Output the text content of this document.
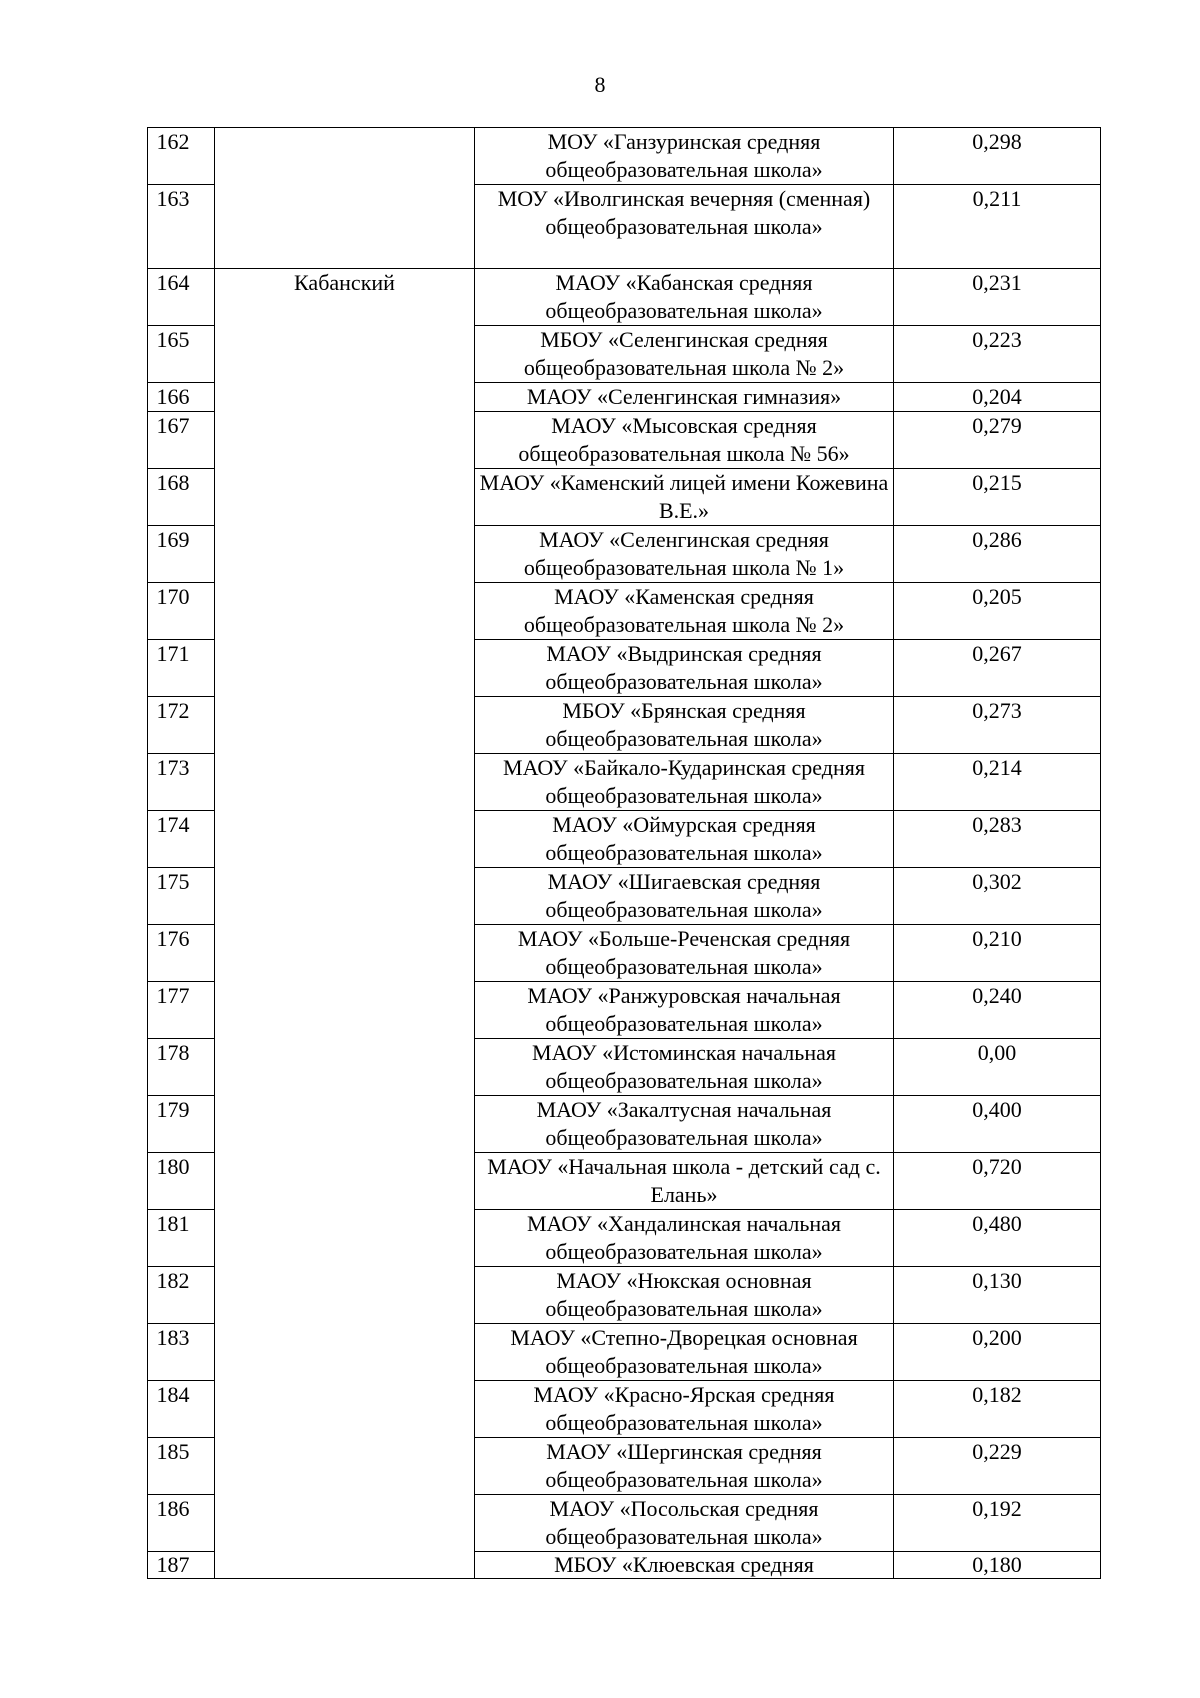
8
162		МОУ «Ганзуринская средняя общеобразовательная школа»	0,298
163		МОУ «Иволгинская вечерняя (сменная) общеобразовательная школа»	0,211
164	Кабанский	МАОУ «Кабанская средняя общеобразовательная школа»	0,231
165		МБОУ «Селенгинская средняя общеобразовательная школа № 2»	0,223
166		МАОУ «Селенгинская гимназия»	0,204
167		МАОУ «Мысовская средняя общеобразовательная школа № 56»	0,279
168		МАОУ «Каменский лицей имени Кожевина В.Е.»	0,215
169		МАОУ «Селенгинская средняя общеобразовательная школа № 1»	0,286
170		МАОУ «Каменская средняя общеобразовательная школа № 2»	0,205
171		МАОУ «Выдринская средняя общеобразовательная школа»	0,267
172		МБОУ «Брянская средняя общеобразовательная школа»	0,273
173		МАОУ «Байкало-Кударинская средняя общеобразовательная школа»	0,214
174		МАОУ «Оймурская средняя общеобразовательная школа»	0,283
175		МАОУ «Шигаевская средняя общеобразовательная школа»	0,302
176		МАОУ «Больше-Реченская средняя общеобразовательная школа»	0,210
177		МАОУ «Ранжуровская начальная общеобразовательная школа»	0,240
178		МАОУ «Истоминская начальная общеобразовательная школа»	0,00
179		МАОУ «Закалтусная начальная общеобразовательная школа»	0,400
180		МАОУ «Начальная школа - детский сад с. Елань»	0,720
181		МАОУ «Хандалинская начальная общеобразовательная школа»	0,480
182		МАОУ «Нюкская основная общеобразовательная школа»	0,130
183		МАОУ «Степно-Дворецкая основная общеобразовательная школа»	0,200
184		МАОУ «Красно-Ярская средняя общеобразовательная школа»	0,182
185		МАОУ «Шергинская средняя общеобразовательная школа»	0,229
186		МАОУ «Посольская средняя общеобразовательная школа»	0,192
187		МБОУ «Клюевская средняя	0,180
